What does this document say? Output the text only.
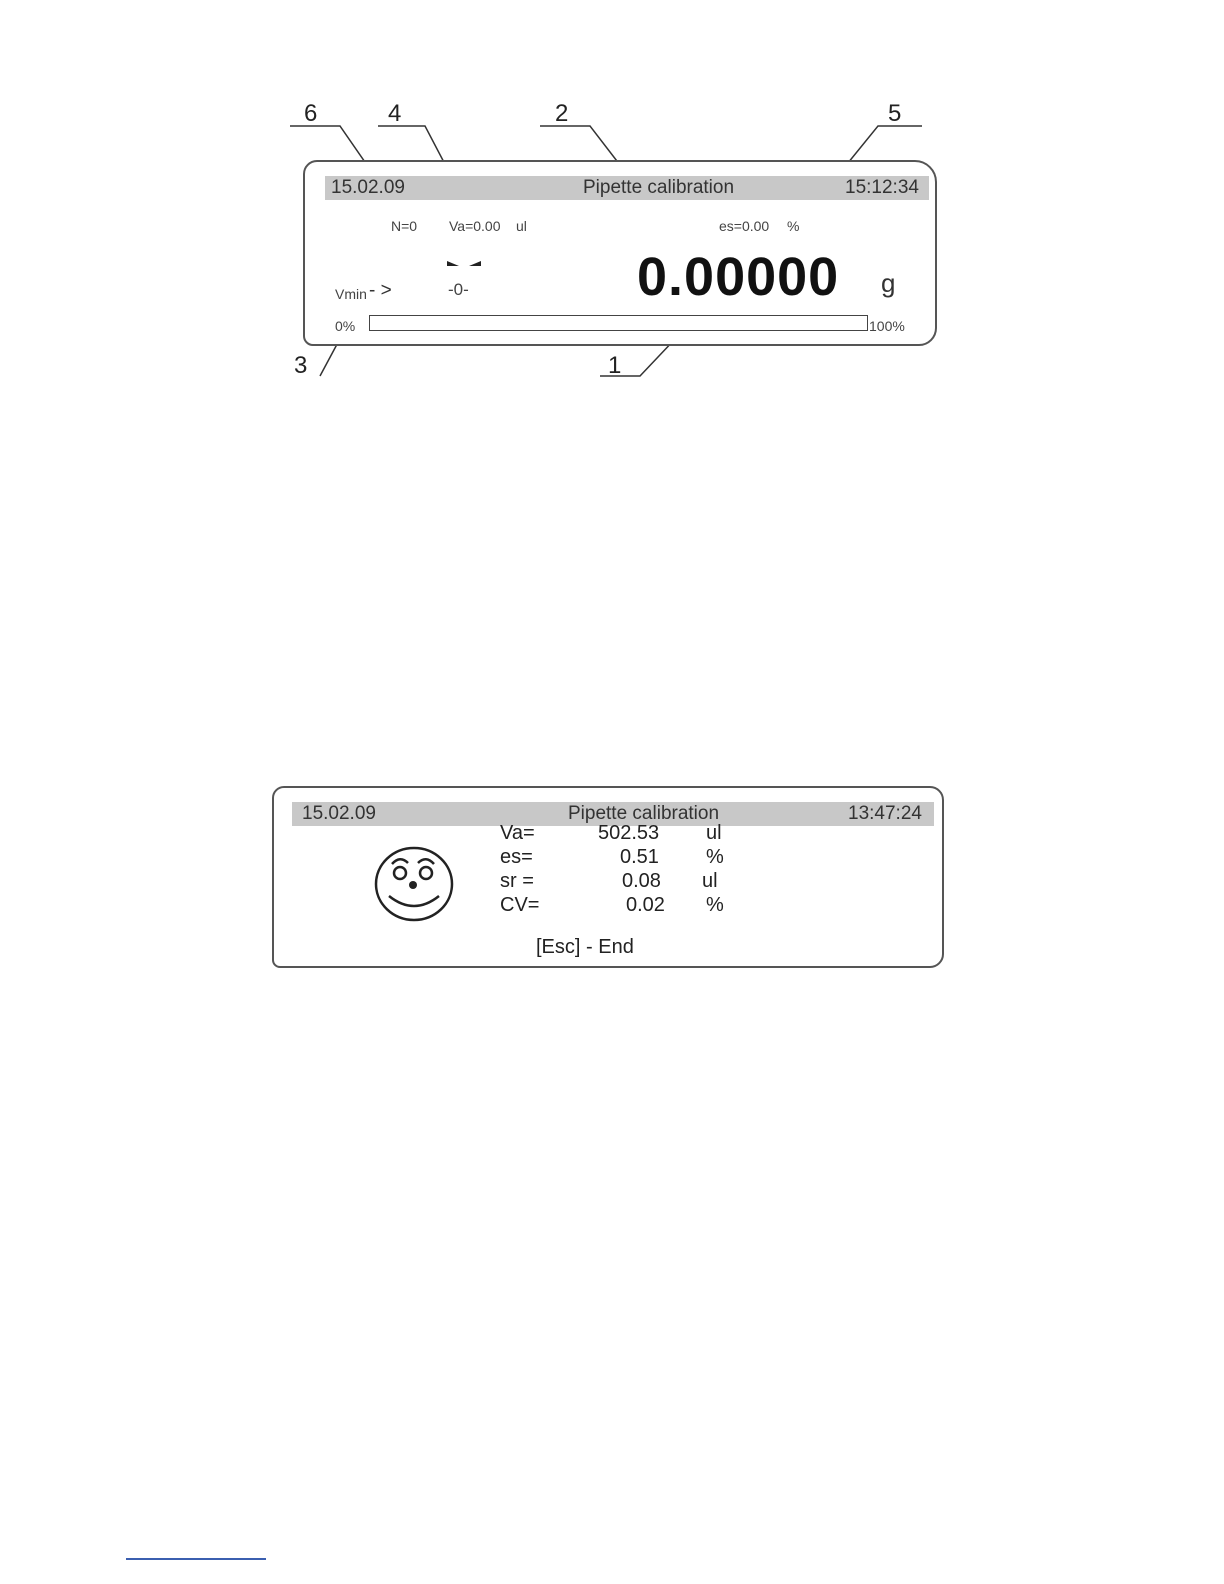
6	4	2	5
3	1
15.02.09	Pipette calibration	15:12:34
N=0 Va=0.00 ul	es=0.00 %
-0-
Vmin - >	0.00000 g
0%	100%
15.02.09	Pipette calibration	13:47:24
Va=	502.53 ul
es=	0.51 %
sr =	0.08 ul
CV=	0.02 %
[Esc] - End
